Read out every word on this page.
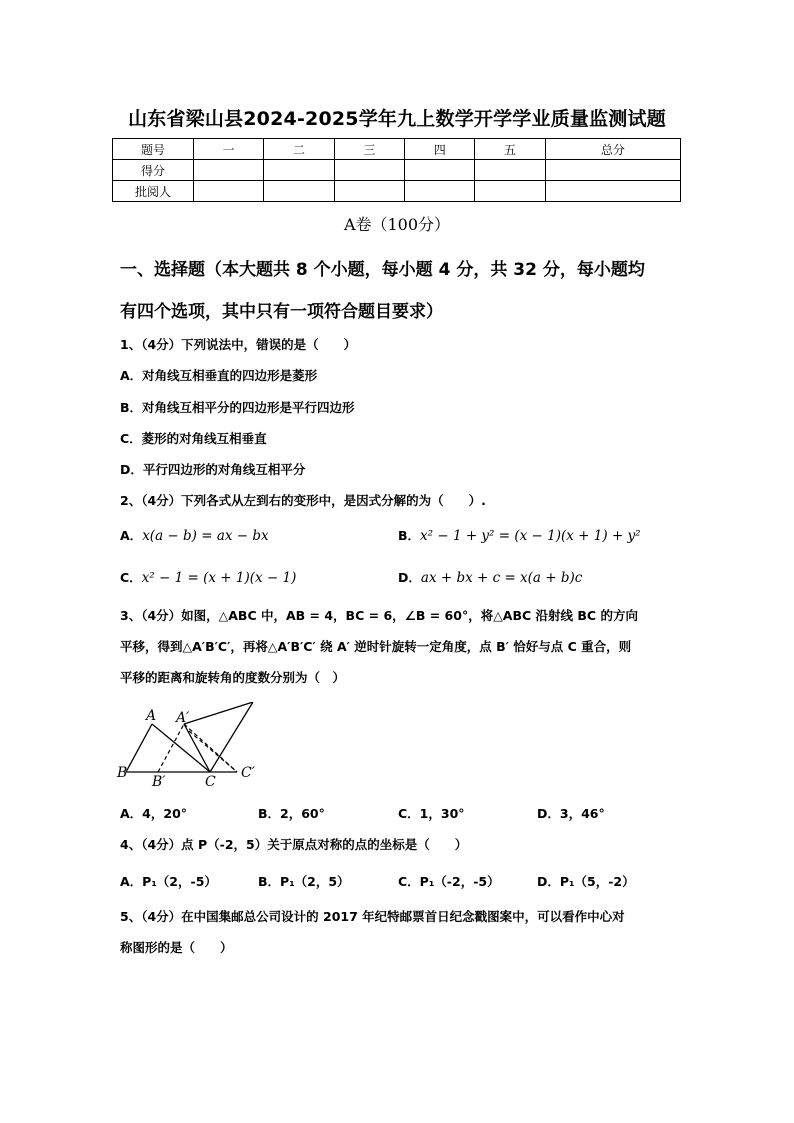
山东省梁山县2024-2025学年九上数学开学学业质量监测试题
题号	一	二	三	四	五	总分
得分						
批阅人						
A卷（100分）
一、选择题（本大题共 8 个小题，每小题 4 分，共 32 分，每小题均
有四个选项，其中只有一项符合题目要求）
1、（4分）下列说法中，错误的是（　　）
A．对角线互相垂直的四边形是菱形
B．对角线互相平分的四边形是平行四边形
C．菱形的对角线互相垂直
D．平行四边形的对角线互相平分
2、（4分）下列各式从左到右的变形中，是因式分解的为（　　）.
A．x(a − b) = ax − bx	B．x² − 1 + y² = (x − 1)(x + 1) + y²
C．x² − 1 = (x + 1)(x − 1)	D．ax + bx + c = x(a + b)c
3、（4分）如图，△ABC 中，AB = 4，BC = 6，∠B = 60°，将△ABC 沿射线 BC 的方向
平移，得到△A′B′C′，再将△A′B′C′ 绕 A′ 逆时针旋转一定角度，点 B′ 恰好与点 C 重合，则
平移的距离和旋转角的度数分别为（　）
A A′
B
B′	C
C′
A．4，20°	B．2，60°	C．1，30°	D．3，46°
4、（4分）点 P（-2，5）关于原点对称的点的坐标是（　　）
A．P₁（2，-5）	B．P₁（2，5）	C．P₁（-2，-5）	D．P₁（5，-2）
5、（4分）在中国集邮总公司设计的 2017 年纪特邮票首日纪念戳图案中，可以看作中心对
称图形的是（　　）
